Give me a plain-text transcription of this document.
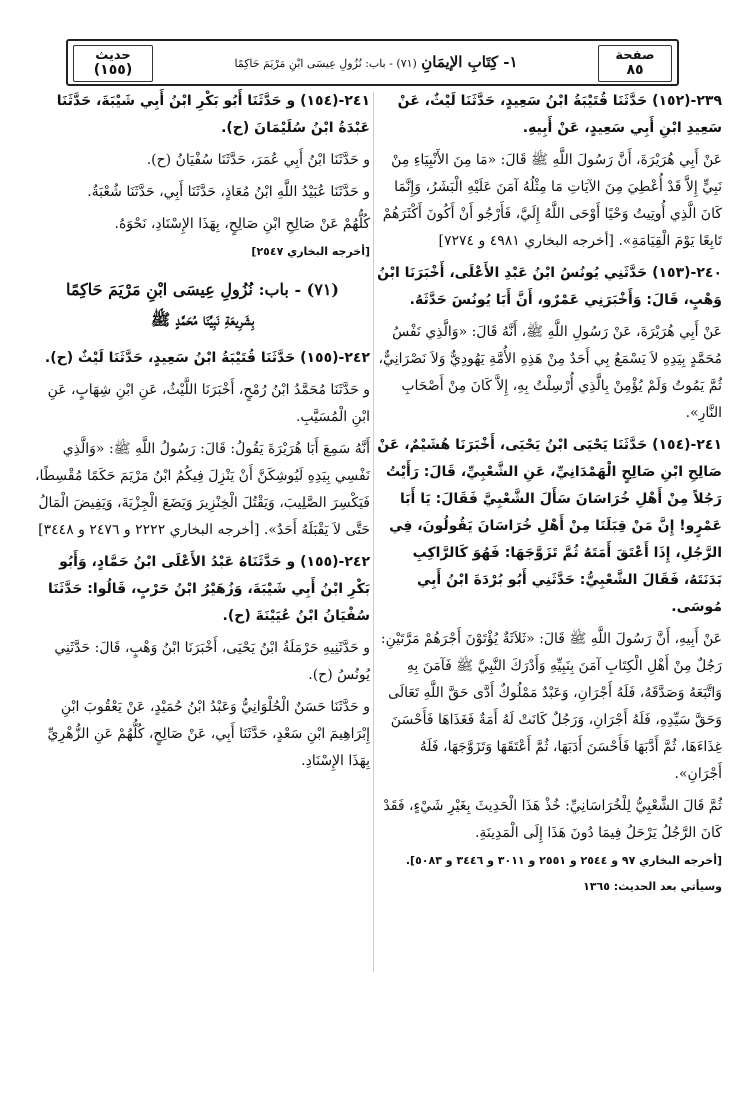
صفحة
٨٥
١- كِتَابِ الإيمَانِ (٧١) - باب: نُزُولِ عِيسَى ابْنِ مَرْيَمَ حَاكِمًا
حديث
(١٥٥)

٢٣٩-(١٥٢) حَدَّثَنَا قُتَيْبَةُ ابْنُ سَعِيدٍ، حَدَّثَنَا لَيْثٌ، عَنْ سَعِيدِ ابْنِ أَبِي سَعِيدٍ، عَنْ أَبِيهِ.

عَنْ أَبِي هُرَيْرَةَ، أَنَّ رَسُولَ اللَّهِ ﷺ قَالَ: «مَا مِنَ الأَنْبِيَاءِ مِنْ نَبِيٍّ إِلاَّ قَدْ أُعْطِيَ مِنَ الآيَاتِ مَا مِثْلُهُ آمَنَ عَلَيْهِ الْبَشَرُ، وَإِنَّمَا كَانَ الَّذِي أُوتِيتُ وَحْيًا أَوْحَى اللَّهُ إِلَيَّ، فَأَرْجُو أَنْ أَكُونَ أَكْثَرَهُمْ تَابِعًا يَوْمَ الْقِيَامَةِ». [أخرجه البخاري ٤٩٨١ و ٧٢٧٤]

٢٤٠-(١٥٣) حَدَّثَنِي يُونُسُ ابْنُ عَبْدِ الأَعْلَى، أَخْبَرَنَا ابْنُ وَهْبٍ، قَالَ: وَأَخْبَرَنِي عَمْرٌو، أَنَّ أَبَا يُونُسَ حَدَّثَهُ.

عَنْ أَبِي هُرَيْرَةَ، عَنْ رَسُولِ اللَّهِ ﷺ، أَنَّهُ قَالَ: «وَالَّذِي نَفْسُ مُحَمَّدٍ بِيَدِهِ لاَ يَسْمَعُ بِي أَحَدٌ مِنْ هَذِهِ الأُمَّةِ يَهُودِيٌّ وَلاَ نَصْرَانِيٌّ، ثُمَّ يَمُوتُ وَلَمْ يُؤْمِنْ بِالَّذِي أُرْسِلْتُ بِهِ، إِلاَّ كَانَ مِنْ أَصْحَابِ النَّارِ».

٢٤١-(١٥٤) حَدَّثَنَا يَحْيَى ابْنُ يَحْيَى، أَخْبَرَنَا هُشَيْمٌ، عَنْ صَالِحِ ابْنِ صَالِحٍ الْهَمْدَانِيِّ، عَنِ الشَّعْبِيِّ، قَالَ: رَأَيْتُ رَجُلاً مِنْ أَهْلِ خُرَاسَانَ سَأَلَ الشَّعْبِيَّ فَقَالَ: يَا أَبَا عَمْرٍو! إِنَّ مَنْ قِبَلَنَا مِنْ أَهْلِ خُرَاسَانَ يَقُولُونَ، فِي الرَّجُلِ، إِذَا أَعْتَقَ أَمَتَهُ ثُمَّ تَزَوَّجَهَا: فَهُوَ كَالرَّاكِبِ بَدَنَتَهُ، فَقَالَ الشَّعْبِيُّ: حَدَّثَنِي أَبُو بُرْدَةَ ابْنُ أَبِي مُوسَى.

عَنْ أَبِيهِ، أَنَّ رَسُولَ اللَّهِ ﷺ قَالَ: «ثَلاَثَةٌ يُؤْتَوْنَ أَجْرَهُمْ مَرَّتَيْنِ: رَجُلٌ مِنْ أَهْلِ الْكِتَابِ آمَنَ بِنَبِيِّهِ وَأَدْرَكَ النَّبِيَّ ﷺ فَآمَنَ بِهِ وَاتَّبَعَهُ وَصَدَّقَهُ، فَلَهُ أَجْرَانِ، وَعَبْدٌ مَمْلُوكٌ أَدَّى حَقَّ اللَّهِ تَعَالَى وَحَقَّ سَيِّدِهِ، فَلَهُ أَجْرَانِ، وَرَجُلٌ كَانَتْ لَهُ أَمَةٌ فَغَذَاهَا فَأَحْسَنَ غِذَاءَهَا، ثُمَّ أَدَّبَهَا فَأَحْسَنَ أَدَبَهَا، ثُمَّ أَعْتَقَهَا وَتَزَوَّجَهَا، فَلَهُ أَجْرَانِ».

ثُمَّ قَالَ الشَّعْبِيُّ لِلْخُرَاسَانِيِّ: خُذْ هَذَا الْحَدِيثَ بِغَيْرِ شَيْءٍ، فَقَدْ كَانَ الرَّجُلُ يَرْحَلُ فِيمَا دُونَ هَذَا إِلَى الْمَدِينَةِ.

[أخرجه البخاري ٩٧ و ٢٥٤٤ و ٢٥٥١ و ٣٠١١ و ٣٤٤٦ و ٥٠٨٣].
وسيأتي بعد الحديث: ١٣٦٥

٢٤١-(١٥٤) و حَدَّثَنَا أَبُو بَكْرِ ابْنُ أَبِي شَيْبَةَ، حَدَّثَنَا عَبْدَةُ ابْنُ سُلَيْمَانَ (ح).

و حَدَّثَنَا ابْنُ أَبِي عُمَرَ، حَدَّثَنَا سُفْيَانُ (ح).

و حَدَّثَنَا عُبَيْدُ اللَّهِ ابْنُ مُعَاذٍ، حَدَّثَنَا أَبِي، حَدَّثَنَا شُعْبَةُ.

كُلُّهُمْ عَنْ صَالِحِ ابْنِ صَالِحٍ، بِهَذَا الإِسْنَادِ، نَحْوَهُ.

[أخرجه البخاري ٢٥٤٧]
(٧١) - باب: نُزُولِ عِيسَى ابْنِ مَرْيَمَ حَاكِمًا
بِشَرِيعَةِ نَبِيِّنَا مُحَمَّدٍ ﷺ

٢٤٢-(١٥٥) حَدَّثَنَا قُتَيْبَةُ ابْنُ سَعِيدٍ، حَدَّثَنَا لَيْثٌ (ح).

و حَدَّثَنَا مُحَمَّدُ ابْنُ رُمْحٍ، أَخْبَرَنَا اللَّيْثُ، عَنِ ابْنِ شِهَابٍ، عَنِ ابْنِ الْمُسَيَّبِ.

أَنَّهُ سَمِعَ أَبَا هُرَيْرَةَ يَقُولُ: قَالَ: رَسُولُ اللَّهِ ﷺ: «وَالَّذِي نَفْسِي بِيَدِهِ لَيُوشِكَنَّ أَنْ يَنْزِلَ فِيكُمُ ابْنُ مَرْيَمَ حَكَمًا مُقْسِطًا، فَيَكْسِرَ الصَّلِيبَ، وَيَقْتُلَ الْخِنْزِيرَ وَيَضَعَ الْجِزْيَةَ، وَيَفِيضَ الْمَالُ حَتَّى لاَ يَقْبَلَهُ أَحَدٌ». [أخرجه البخاري ٢٢٢٢ و ٢٤٧٦ و ٣٤٤٨]

٢٤٢-(١٥٥) و حَدَّثَنَاهُ عَبْدُ الأَعْلَى ابْنُ حَمَّادٍ، وَأَبُو بَكْرِ ابْنُ أَبِي شَيْبَةَ، وَزُهَيْرُ ابْنُ حَرْبٍ، قَالُوا: حَدَّثَنَا سُفْيَانُ ابْنُ عُيَيْنَةَ (ح).

و حَدَّثَنِيهِ حَرْمَلَةُ ابْنُ يَحْيَى، أَخْبَرَنَا ابْنُ وَهْبٍ، قَالَ: حَدَّثَنِي يُونُسُ (ح).

و حَدَّثَنَا حَسَنٌ الْحُلْوَانِيُّ وَعَبْدُ ابْنُ حُمَيْدٍ، عَنْ يَعْقُوبَ ابْنِ إِبْرَاهِيمَ ابْنِ سَعْدٍ، حَدَّثَنَا أَبِي، عَنْ صَالِحٍ، كُلُّهُمْ عَنِ الزُّهْرِيِّ بِهَذَا الإِسْنَادِ.
